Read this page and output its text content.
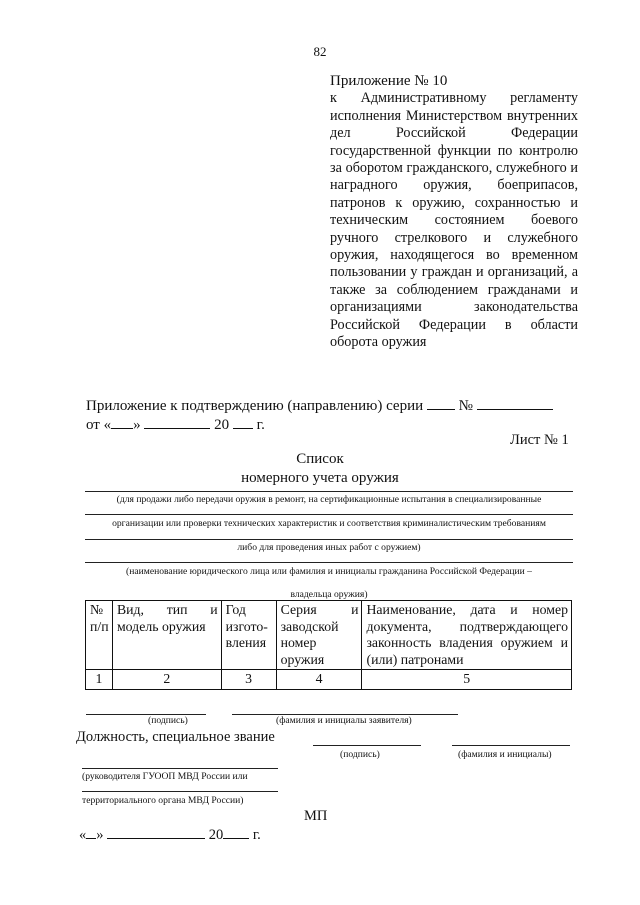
82
Приложение № 10
к Административному регламенту исполнения Министерством внутренних дел Российской Федерации государственной функции по контролю за оборотом гражданского, служебного и наградного оружия, боеприпасов, патронов к оружию, сохранностью и техническим состоянием боевого ручного стрелкового и служебного оружия, находящегося во временном пользовании у граждан и организаций, а также за соблюдением гражданами и организациями законодательства Российской Федерации в области оборота оружия
Приложение к подтверждению (направлению) серии №
от « »	20 г.
Лист № 1
Список
номерного учета оружия
(для продажи либо передачи оружия в ремонт, на сертификационные испытания в специализированные
организации или проверки технических характеристик и соответствия криминалистическим требованиям
либо для проведения иных работ с оружием)
(наименование юридического лица или фамилия и инициалы гражданина Российской Федерации –
владельца оружия)
№ п/п	Вид, тип и модель оружия	Год изгото-вления	Серия и заводской номер оружия	Наименование, дата и номер документа, подтверждающего законность владения оружием и (или) патронами
1	2	3	4	5
(подпись)	(фамилия и инициалы заявителя)
Должность, специальное звание
(подпись)	(фамилия и инициалы)
(руководителя ГУООП МВД России или
территориального органа МВД России)
МП
« »	20 г.
